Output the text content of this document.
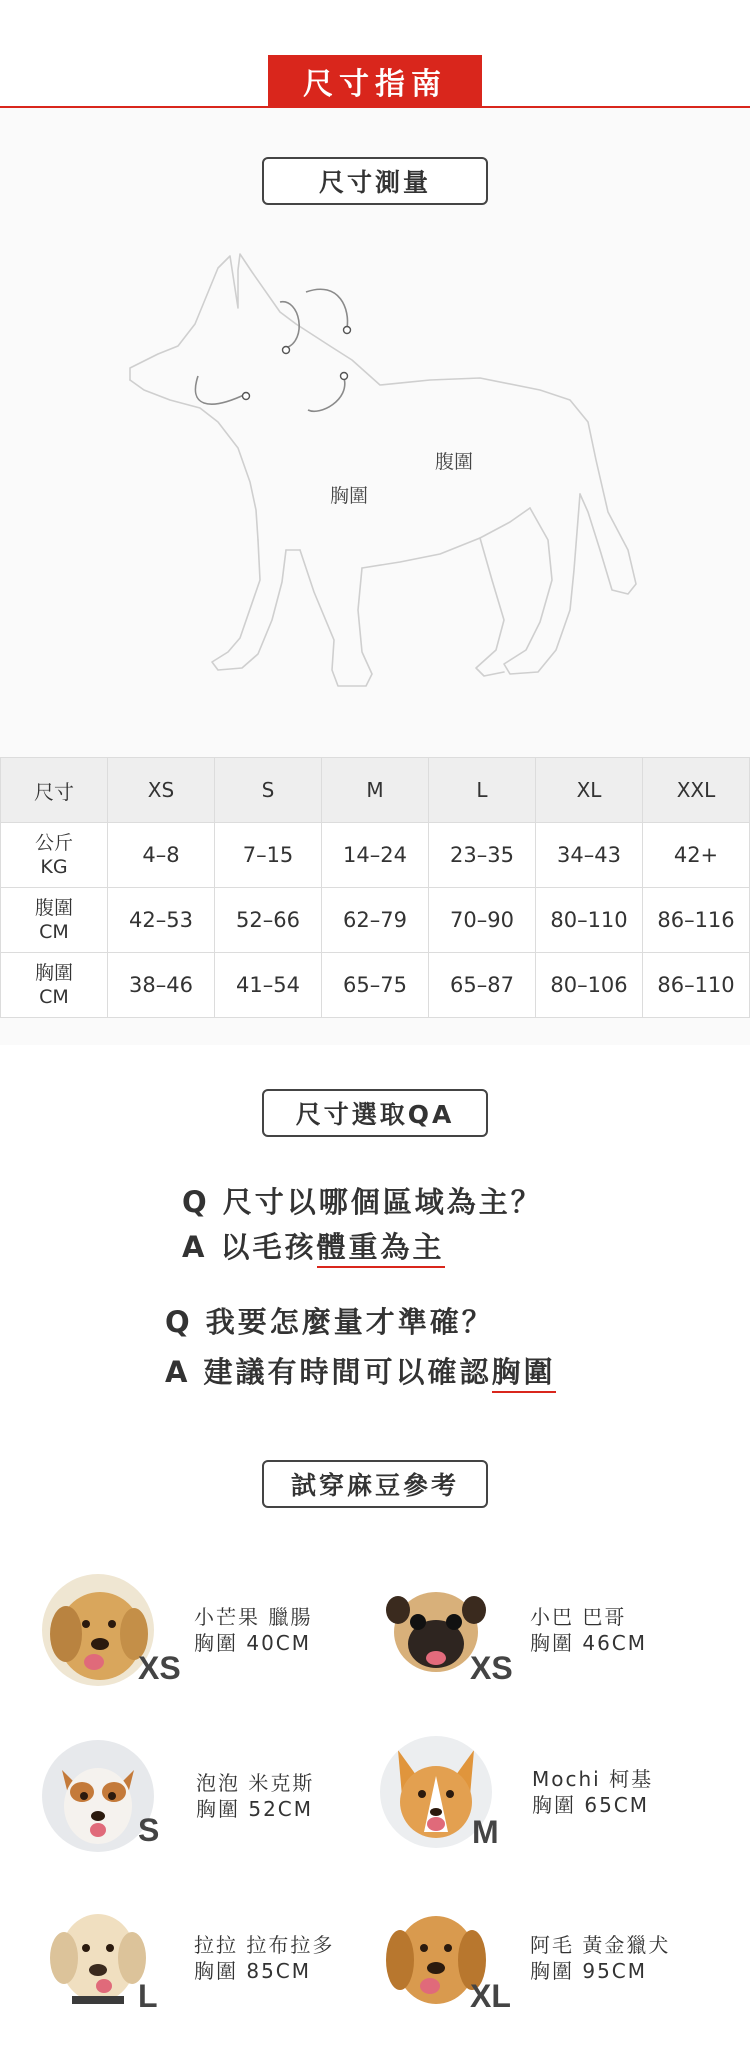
尺寸指南
尺寸測量
腹圍
胸圍
尺寸	XS	S	M	L	XL	XXL
公斤
KG	4–8	7–15	14–24	23–35	34–43	42+
腹圍
CM	42–53	52–66	62–79	70–90	80–110	86–116
胸圍
CM	38–46	41–54	65–75	65–87	80–106	86–110
尺寸選取QA
Q 尺寸以哪個區域為主？
A 以毛孩體重為主
Q 我要怎麼量才準確？
A 建議有時間可以確認胸圍
試穿麻豆參考
XS
小芒果 臘腸
胸圍 40CM
XS
小巴 巴哥
胸圍 46CM
S
泡泡 米克斯
胸圍 52CM
M
Mochi 柯基
胸圍 65CM
L
拉拉 拉布拉多
胸圍 85CM
XL
阿毛 黃金獵犬
胸圍 95CM
